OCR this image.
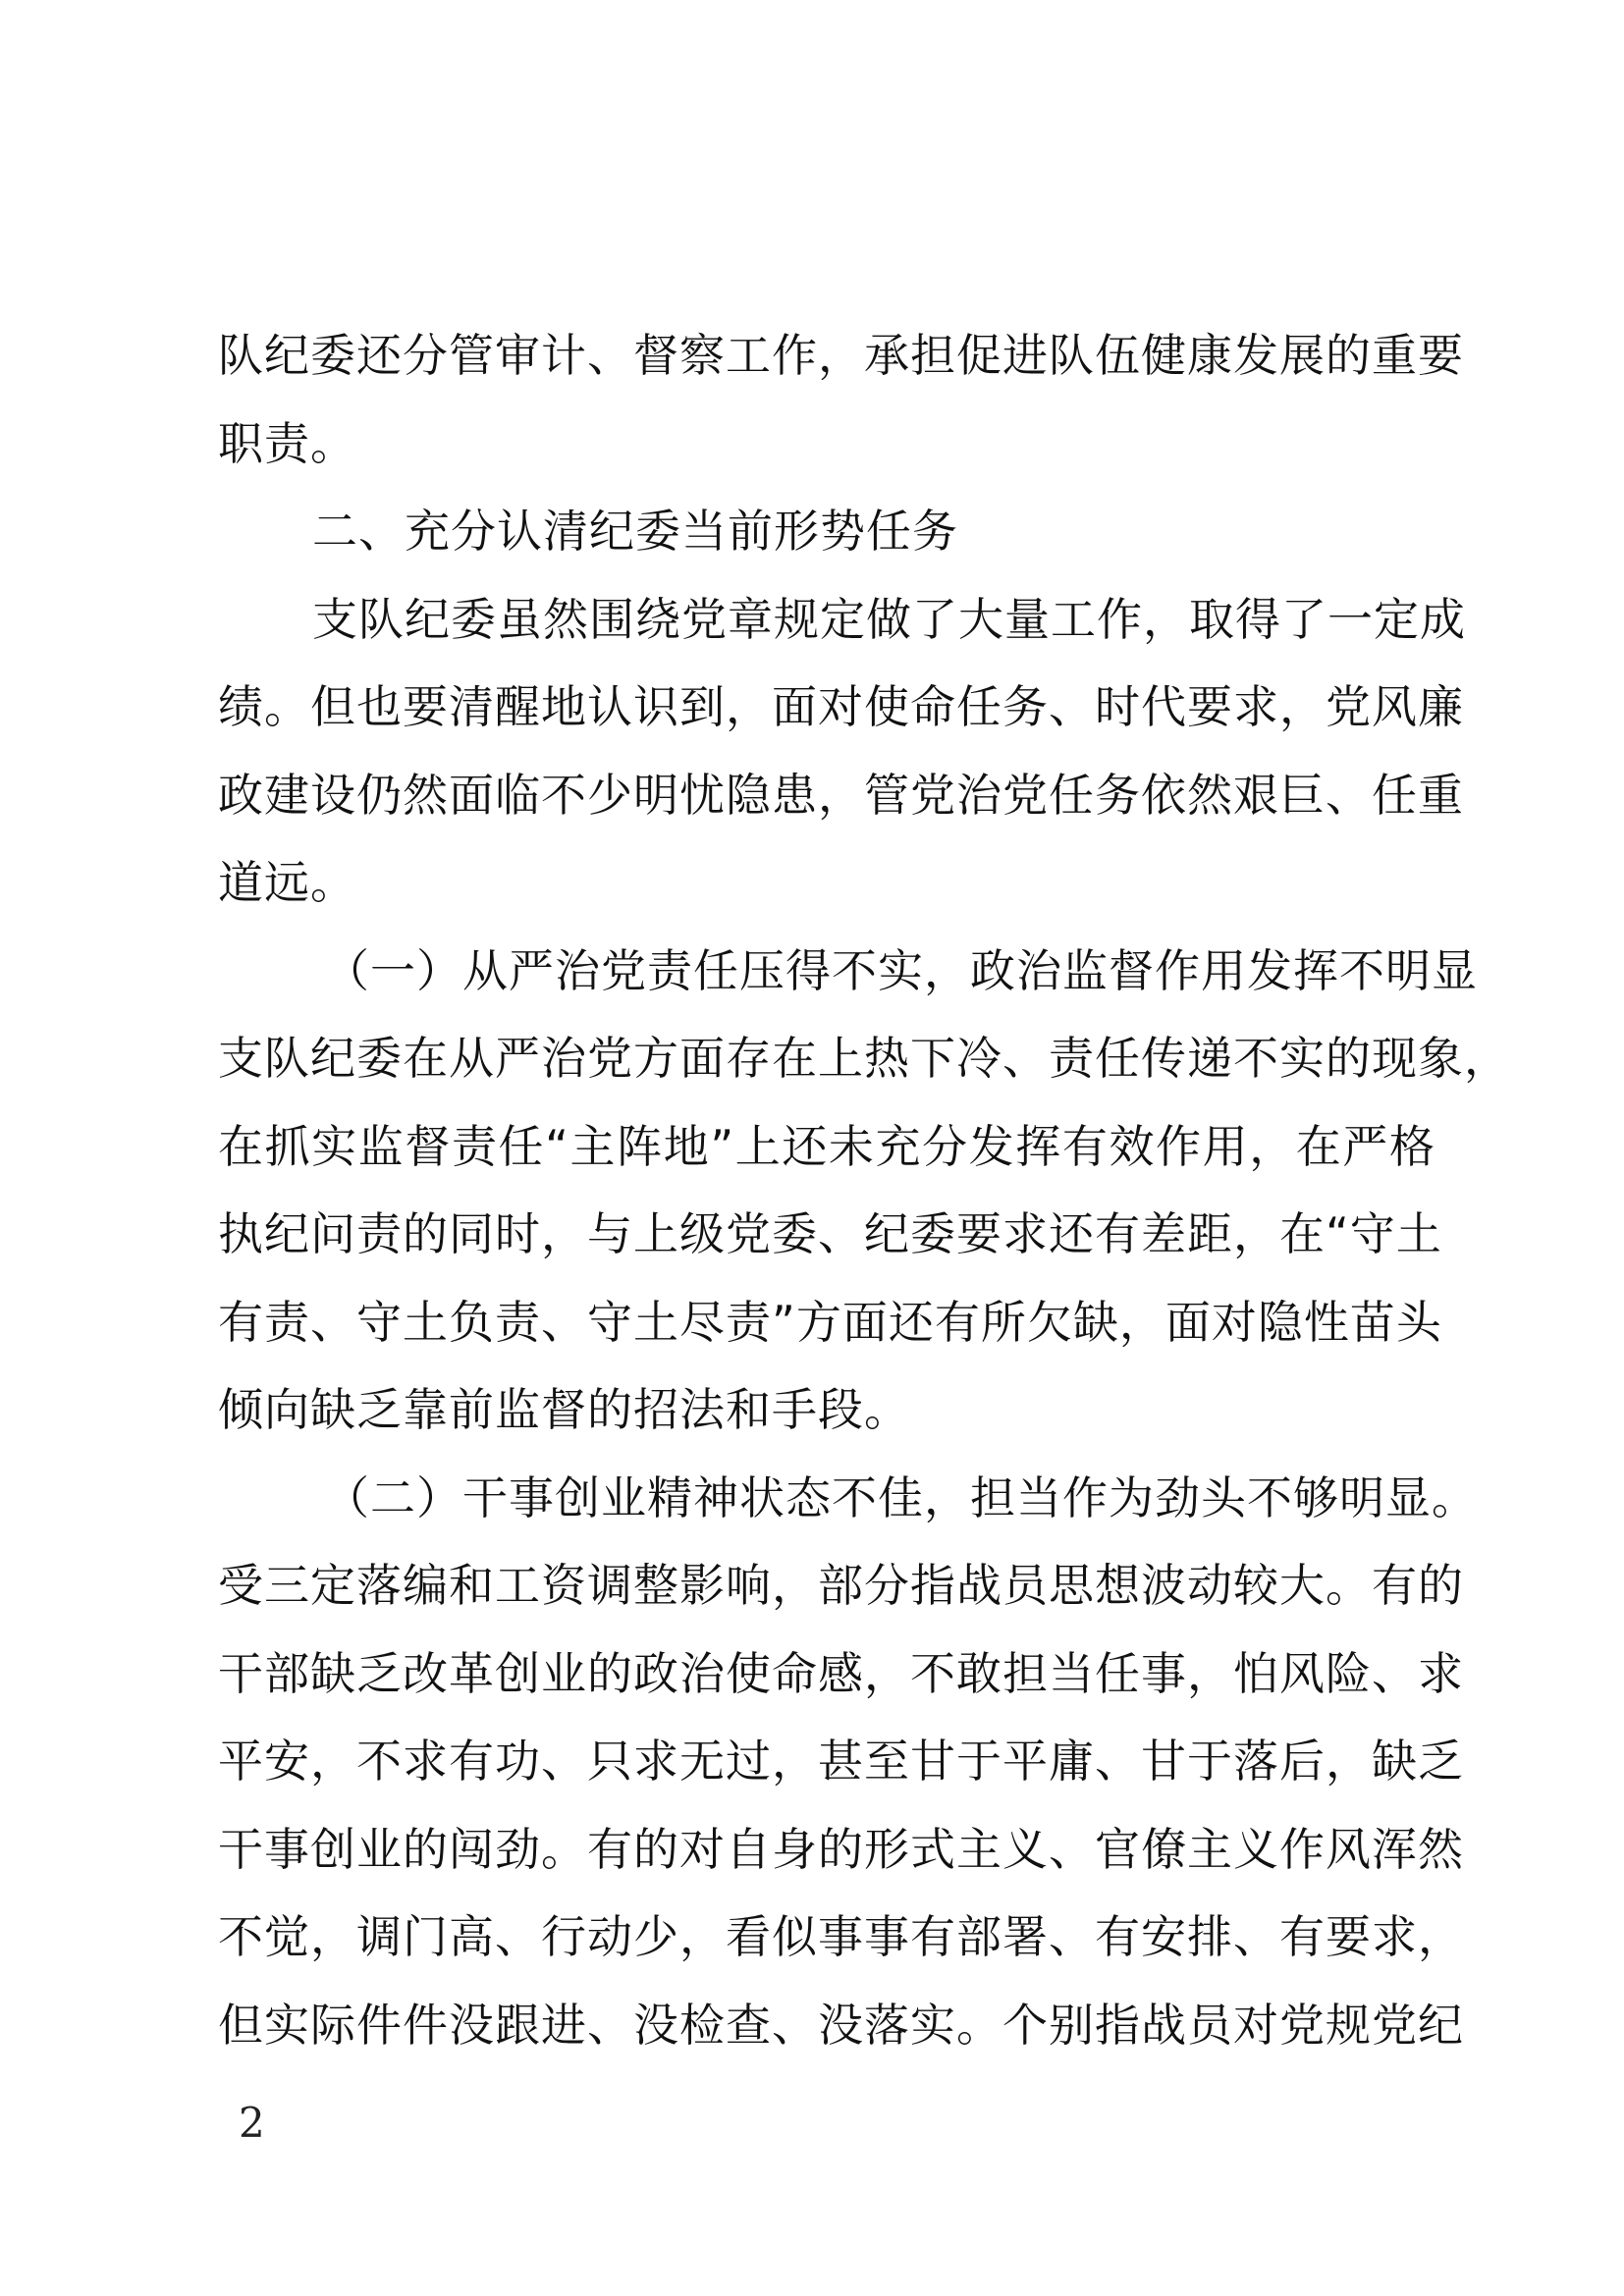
队纪委还分管审计、督察工作，承担促进队伍健康发展的重要
职责。
二、充分认清纪委当前形势任务
支队纪委虽然围绕党章规定做了大量工作，取得了一定成
绩。但也要清醒地认识到，面对使命任务、时代要求，党风廉
政建设仍然面临不少明忧隐患，管党治党任务依然艰巨、任重
道远。
（一）从严治党责任压得不实，政治监督作用发挥不明显
支队纪委在从严治党方面存在上热下冷、责任传递不实的现象，
在抓实监督责任“主阵地”上还未充分发挥有效作用，在严格
执纪问责的同时，与上级党委、纪委要求还有差距，在“守土
有责、守土负责、守土尽责”方面还有所欠缺，面对隐性苗头
倾向缺乏靠前监督的招法和手段。
（二）干事创业精神状态不佳，担当作为劲头不够明显。
受三定落编和工资调整影响，部分指战员思想波动较大。有的
干部缺乏改革创业的政治使命感，不敢担当任事，怕风险、求
平安，不求有功、只求无过，甚至甘于平庸、甘于落后，缺乏
干事创业的闯劲。有的对自身的形式主义、官僚主义作风浑然
不觉，调门高、行动少，看似事事有部署、有安排、有要求，
但实际件件没跟进、没检查、没落实。个别指战员对党规党纪
2
